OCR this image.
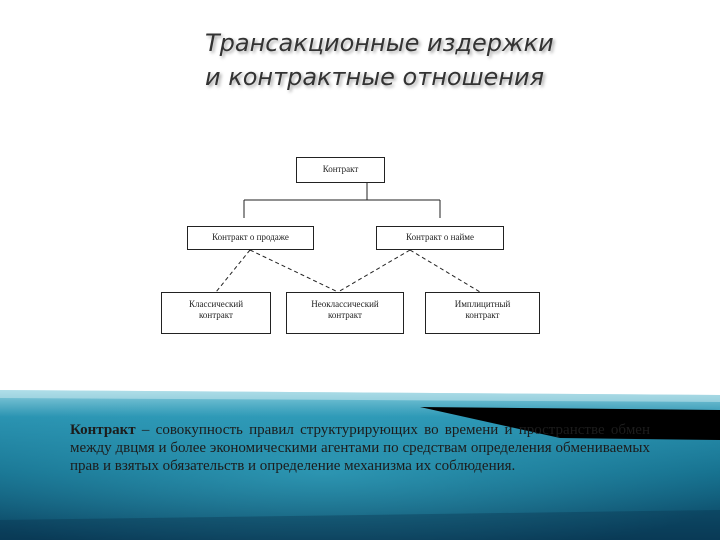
Трансакционные издержки
и контрактные отношения
Контракт
Контракт о продаже	Контракт о найме
Классический
контракт
Неоклассический
контракт
Имплицитный
контракт
Контракт – совокупность правил структурирующих во времени и пространстве обмен между двцмя и более экономическими агентами по средствам определения обмениваемых прав и взятых обязательств и определение механизма их соблюдения.
